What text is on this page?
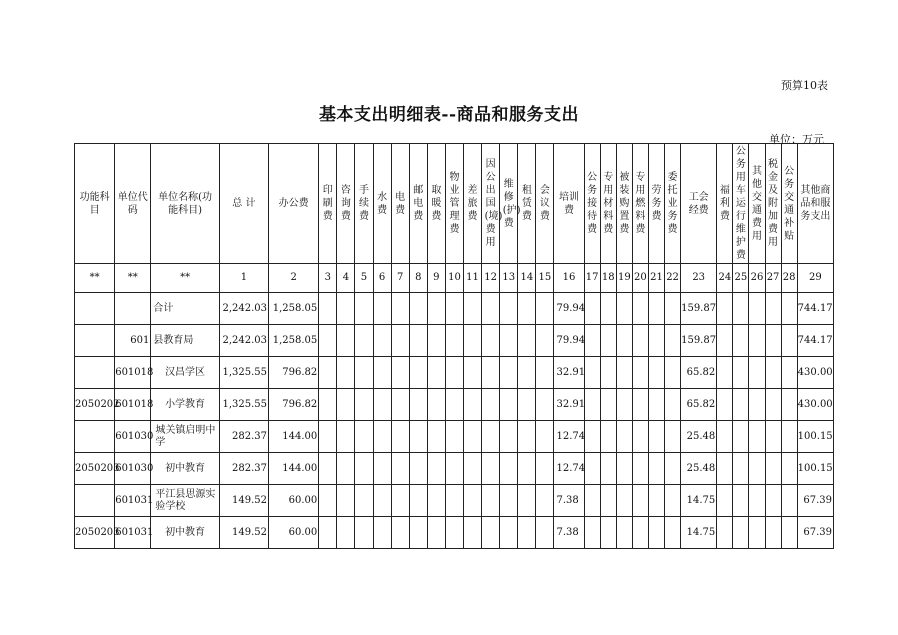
预算10表
基本支出明细表--商品和服务支出
单位：万元
功能科目	单位代码	单位名称(功能科目)	总 计	办公费	印刷费	咨询费	手续费	水费	电费	邮电费	取暖费	物业管理费	差旅费	因公出国(境)费用	维修(护)费	租赁费	会议费	培训费	公务接待费	专用材料费	被装购置费	专用燃料费	劳务费	委托业务费	工会经费	福利费	公务用车运行维护费	其他交通费用	税金及附加费用	公务交通补贴	其他商品和服务支出
**	**	**	1	2	3	4	5	6	7	8	9	10	11	12	13	14	15	16	17	18	19	20	21	22	23	24	25	26	27	28	29
		合计	2,242.03	1,258.05														79.94							159.87						744.17
	601	县教育局	2,242.03	1,258.05														79.94							159.87						744.17
	601018	汉昌学区	1,325.55	796.82														32.91							65.82						430.00
2050202	601018	小学教育	1,325.55	796.82														32.91							65.82						430.00
	601030	城关镇启明中学	282.37	144.00														12.74							25.48						100.15
2050203	601030	初中教育	282.37	144.00														12.74							25.48						100.15
	601031	平江县思源实验学校	149.52	60.00														7.38							14.75						67.39
2050203	601031	初中教育	149.52	60.00														7.38							14.75						67.39
